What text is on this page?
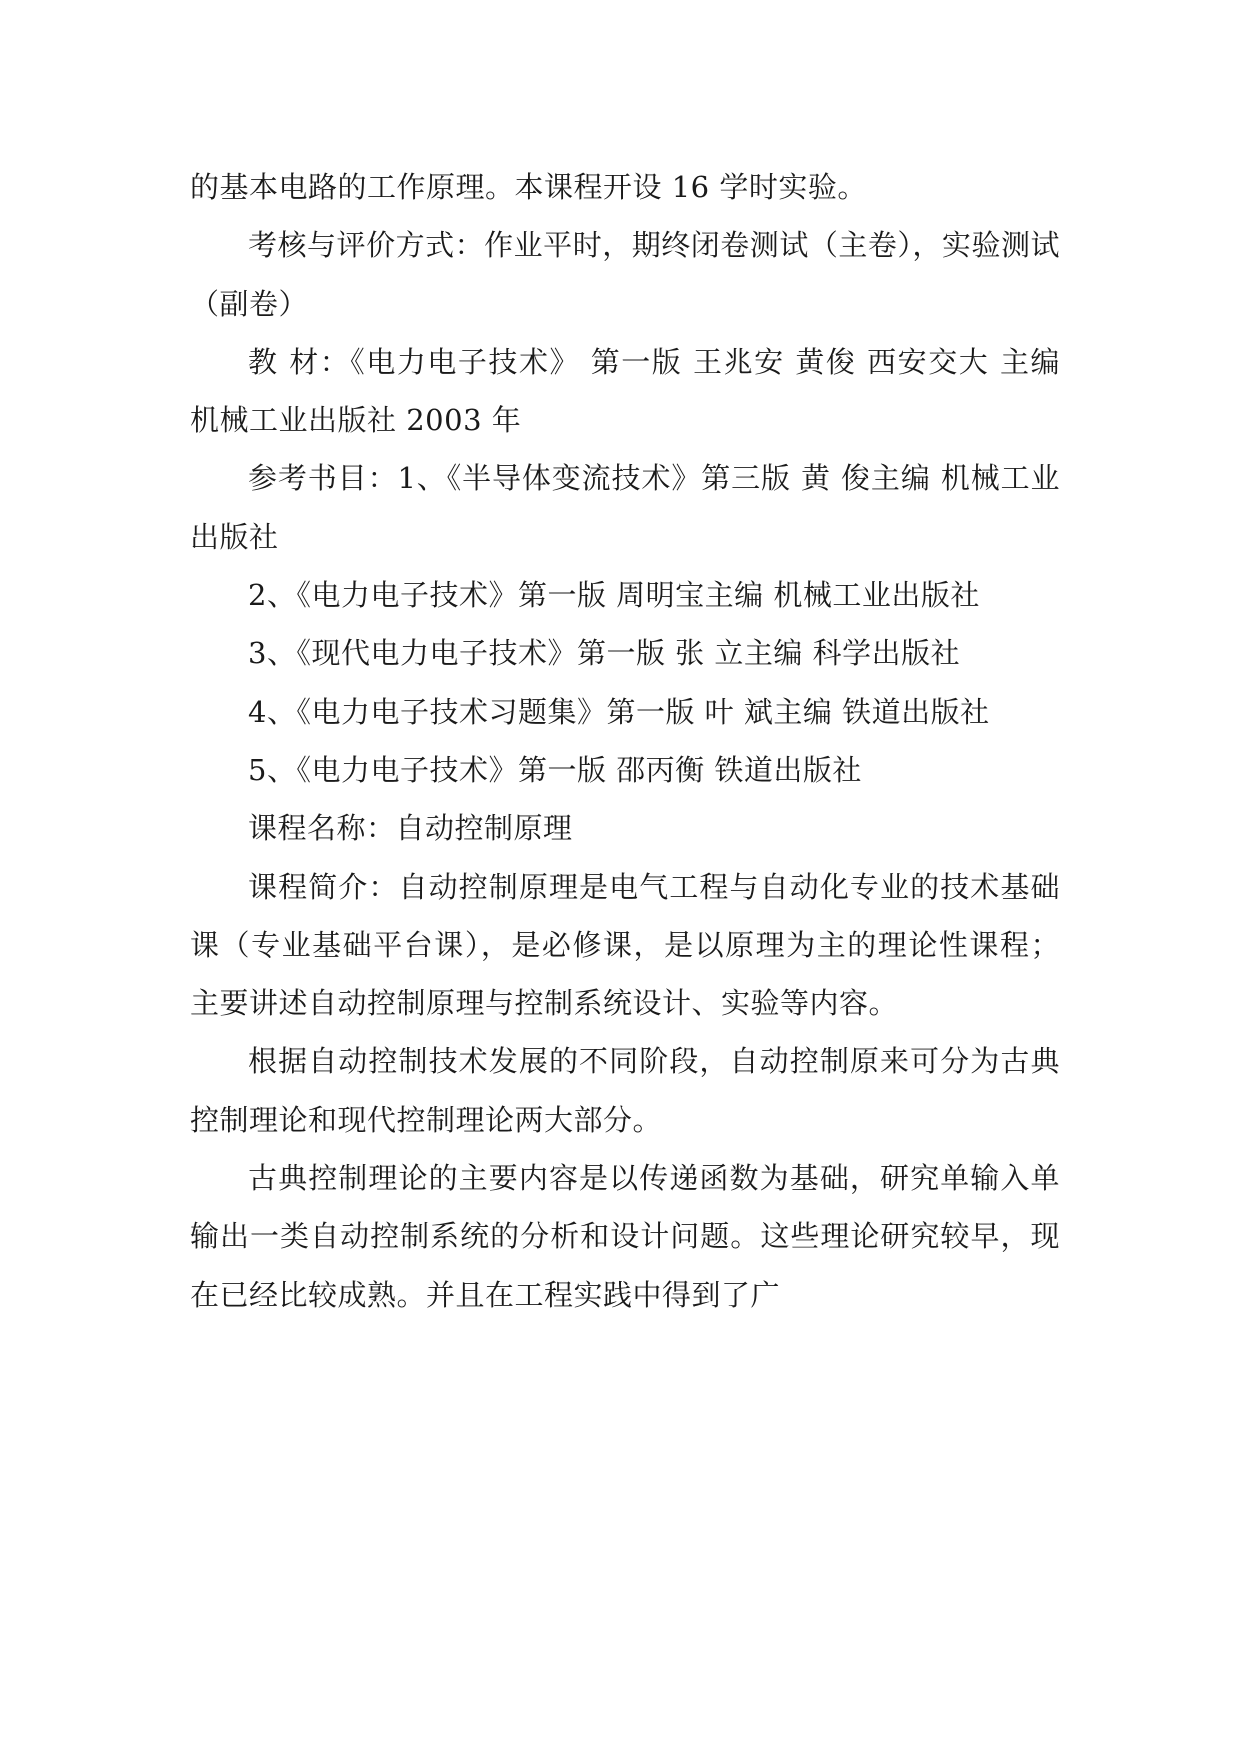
的基本电路的工作原理。本课程开设 16 学时实验。

考核与评价方式：作业平时，期终闭卷测试（主卷），实验测试（副卷）

教 材：《电力电子技术》 第一版 王兆安 黄俊 西安交大 主编 机械工业出版社 2003 年

参考书目：1、《半导体变流技术》第三版 黄 俊主编 机械工业出版社

2、《电力电子技术》第一版 周明宝主编 机械工业出版社

3、《现代电力电子技术》第一版 张 立主编 科学出版社

4、《电力电子技术习题集》第一版 叶 斌主编 铁道出版社

5、《电力电子技术》第一版 邵丙衡 铁道出版社

课程名称：自动控制原理

课程简介：自动控制原理是电气工程与自动化专业的技术基础课（专业基础平台课），是必修课，是以原理为主的理论性课程；主要讲述自动控制原理与控制系统设计、实验等内容。

根据自动控制技术发展的不同阶段，自动控制原来可分为古典控制理论和现代控制理论两大部分。

古典控制理论的主要内容是以传递函数为基础，研究单输入单输出一类自动控制系统的分析和设计问题。这些理论研究较早，现在已经比较成熟。并且在工程实践中得到了广
